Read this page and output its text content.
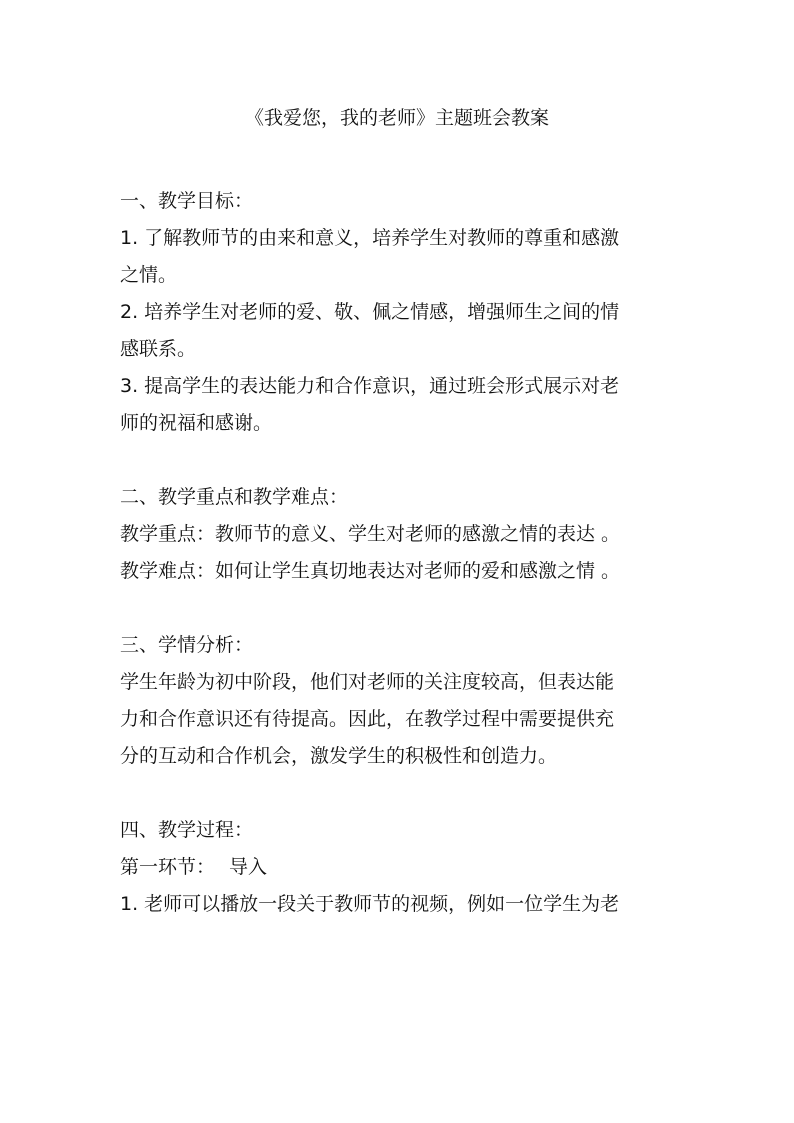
《我爱您，我的老师》主题班会教案
一、教学目标：
1. 了解教师节的由来和意义，培养学生对教师的尊重和感激
之情。
2. 培养学生对老师的爱、敬、佩之情感，增强师生之间的情
感联系。
3. 提高学生的表达能力和合作意识，通过班会形式展示对老
师的祝福和感谢。
二、教学重点和教学难点：
教学重点：教师节的意义、学生对老师的感激之情的表达 。
教学难点：如何让学生真切地表达对老师的爱和感激之情 。
三、学情分析：
学生年龄为初中阶段，他们对老师的关注度较高，但表达能
力和合作意识还有待提高。因此，在教学过程中需要提供充
分的互动和合作机会，激发学生的积极性和创造力。
四、教学过程：
第一环节： 导入
1. 老师可以播放一段关于教师节的视频，例如一位学生为老
